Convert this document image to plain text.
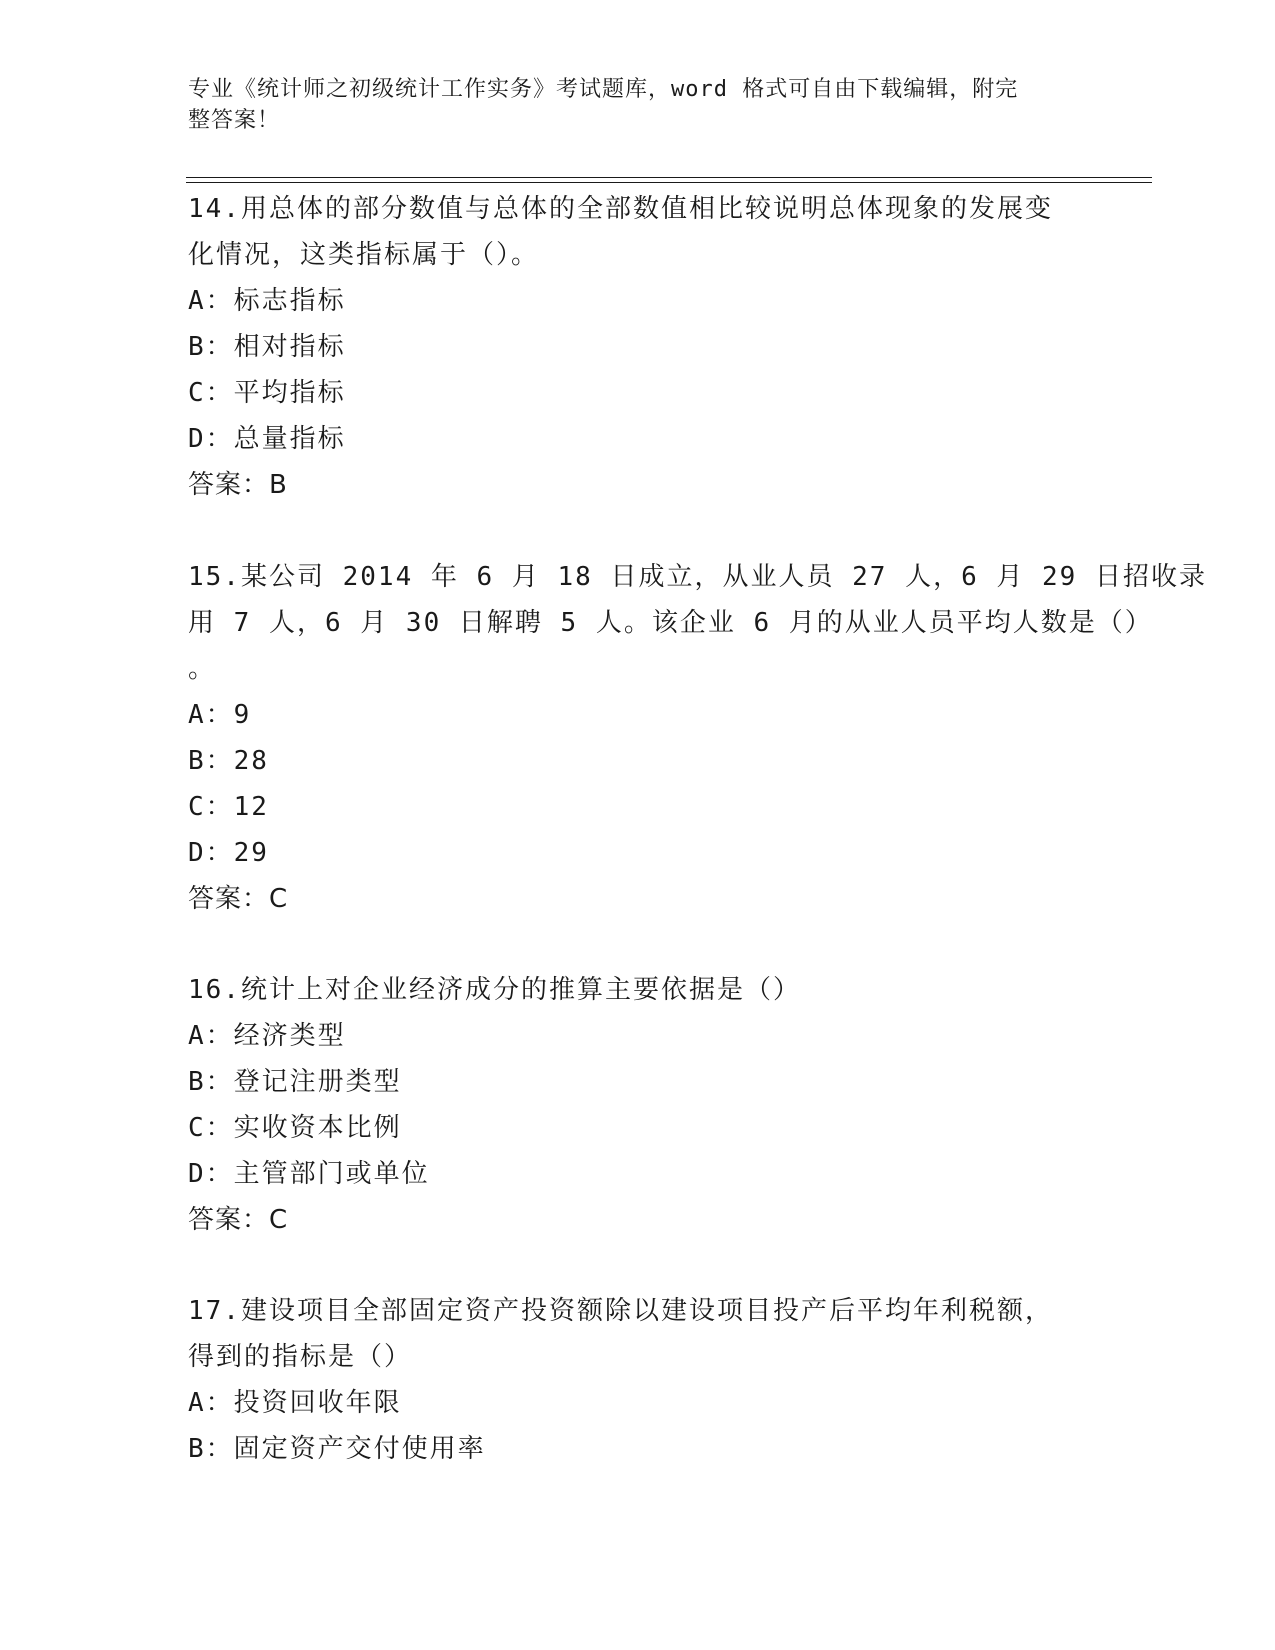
专业《统计师之初级统计工作实务》考试题库，word 格式可自由下载编辑，附完
整答案！
14.用总体的部分数值与总体的全部数值相比较说明总体现象的发展变
化情况，这类指标属于（）。
A：标志指标
B：相对指标
C：平均指标
D：总量指标
答案：B
15.某公司 2014 年 6 月 18 日成立，从业人员 27 人，6 月 29 日招收录
用 7 人，6 月 30 日解聘 5 人。该企业 6 月的从业人员平均人数是（）
。
A：9
B：28
C：12
D：29
答案：C
16.统计上对企业经济成分的推算主要依据是（）
A：经济类型
B：登记注册类型
C：实收资本比例
D：主管部门或单位
答案：C
17.建设项目全部固定资产投资额除以建设项目投产后平均年利税额，
得到的指标是（）
A：投资回收年限
B：固定资产交付使用率
